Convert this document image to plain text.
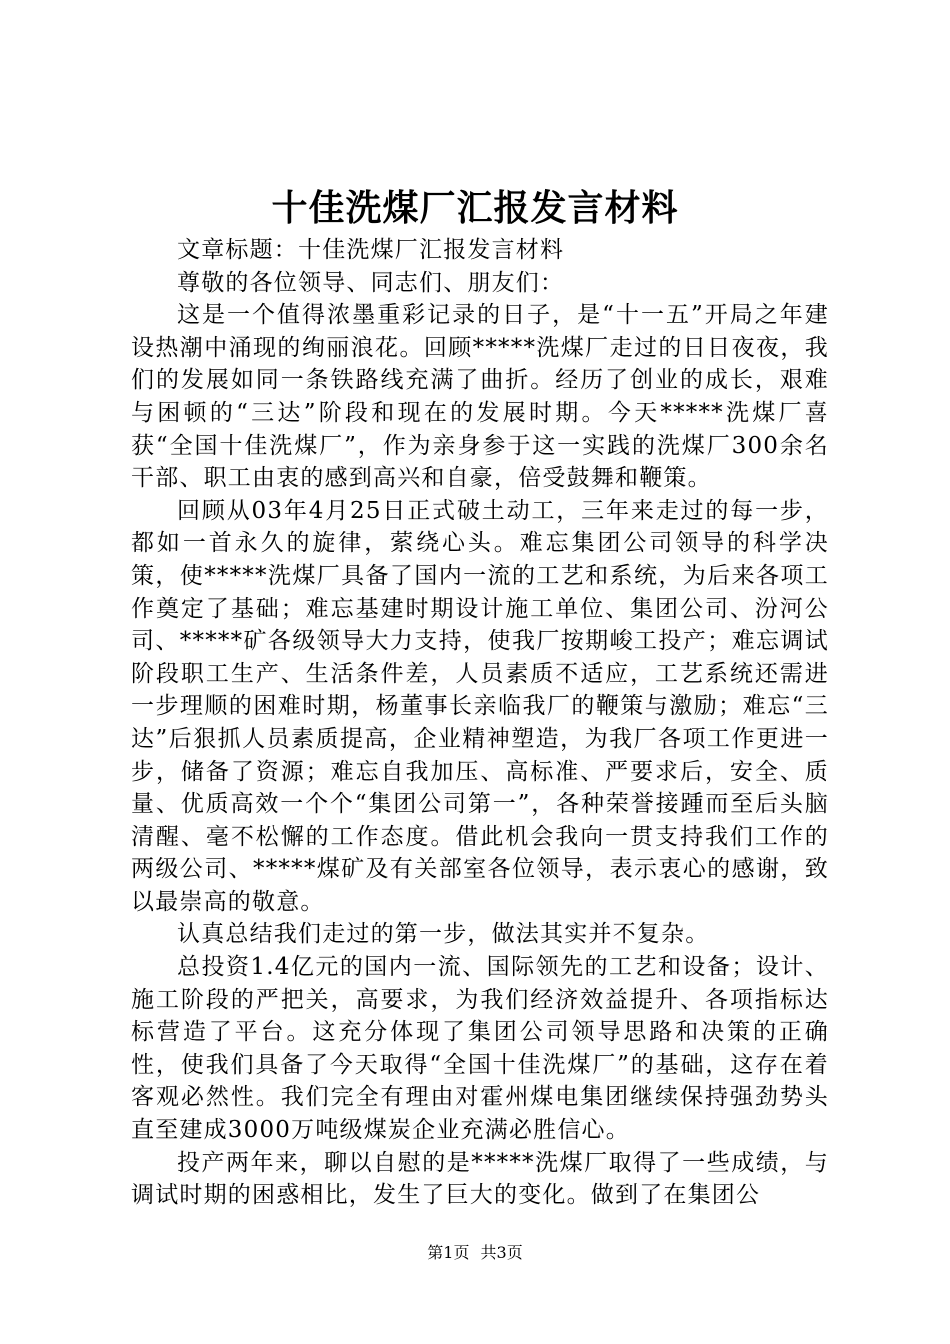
十佳洗煤厂汇报发言材料

文章标题：十佳洗煤厂汇报发言材料

尊敬的各位领导、同志们、朋友们：

这是一个值得浓墨重彩记录的日子，是“十一五”开局之年建设热潮中涌现的绚丽浪花。回顾*****洗煤厂走过的日日夜夜，我们的发展如同一条铁路线充满了曲折。经历了创业的成长，艰难与困顿的“三达”阶段和现在的发展时期。今天*****洗煤厂喜获“全国十佳洗煤厂”，作为亲身参于这一实践的洗煤厂300余名干部、职工由衷的感到高兴和自豪，倍受鼓舞和鞭策。

回顾从03年4月25日正式破土动工，三年来走过的每一步，都如一首永久的旋律，萦绕心头。难忘集团公司领导的科学决策，使*****洗煤厂具备了国内一流的工艺和系统，为后来各项工作奠定了基础；难忘基建时期设计施工单位、集团公司、汾河公司、*****矿各级领导大力支持，使我厂按期峻工投产；难忘调试阶段职工生产、生活条件差，人员素质不适应，工艺系统还需进一步理顺的困难时期，杨董事长亲临我厂的鞭策与激励；难忘“三达”后狠抓人员素质提高，企业精神塑造，为我厂各项工作更进一步，储备了资源；难忘自我加压、高标准、严要求后，安全、质量、优质高效一个个“集团公司第一”，各种荣誉接踵而至后头脑清醒、毫不松懈的工作态度。借此机会我向一贯支持我们工作的两级公司、*****煤矿及有关部室各位领导，表示衷心的感谢，致以最崇高的敬意。

认真总结我们走过的第一步，做法其实并不复杂。

总投资1.4亿元的国内一流、国际领先的工艺和设备；设计、施工阶段的严把关，高要求，为我们经济效益提升、各项指标达标营造了平台。这充分体现了集团公司领导思路和决策的正确性，使我们具备了今天取得“全国十佳洗煤厂”的基础，这存在着客观必然性。我们完全有理由对霍州煤电集团继续保持强劲势头直至建成3000万吨级煤炭企业充满必胜信心。

投产两年来，聊以自慰的是*****洗煤厂取得了一些成绩，与调试时期的困惑相比，发生了巨大的变化。做到了在集团公

第1页 共3页
